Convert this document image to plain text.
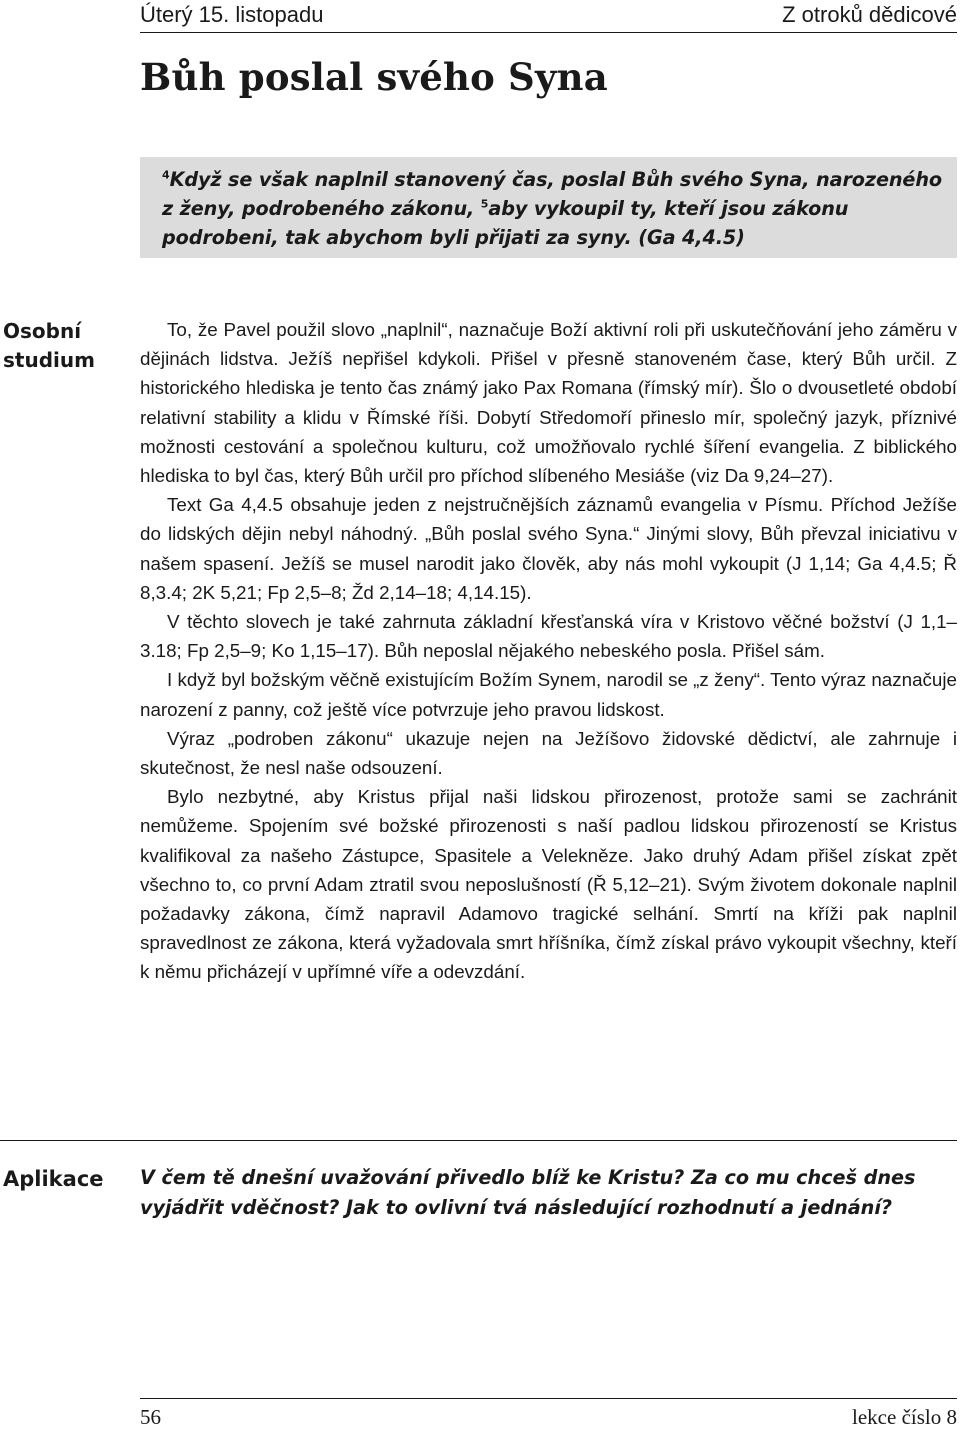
Úterý 15. listopadu	Z otroků dědicové
Bůh poslal svého Syna

$^4$Když se však naplnil stanovený čas, poslal Bůh svého Syna, narozeného z ženy, podrobeného zákonu, $^5$aby vykoupil ty, kteří jsou zákonu podrobeni, tak abychom byli přijati za syny. (Ga 4,4.5)

Osobní studium

To, že Pavel použil slovo „naplnil“, naznačuje Boží aktivní roli při uskutečňování jeho záměru v dějinách lidstva. Ježíš nepřišel kdykoli. Přišel v přesně stanoveném čase, který Bůh určil. Z historického hlediska je tento čas známý jako Pax Romana (římský mír). Šlo o dvousetleté období relativní stability a klidu v Římské říši. Dobytí Středomoří přineslo mír, společný jazyk, příznivé možnosti cestování a společnou kulturu, což umožňovalo rychlé šíření evangelia. Z biblického hlediska to byl čas, který Bůh určil pro příchod slíbeného Mesiáše (viz Da 9,24–27).

Text Ga 4,4.5 obsahuje jeden z nejstručnějších záznamů evangelia v Písmu. Příchod Ježíše do lidských dějin nebyl náhodný. „Bůh poslal svého Syna.“ Jinými slovy, Bůh převzal iniciativu v našem spasení. Ježíš se musel narodit jako člověk, aby nás mohl vykoupit (J 1,14; Ga 4,4.5; Ř 8,3.4; 2K 5,21; Fp 2,5–8; Žd 2,14–18; 4,14.15).

V těchto slovech je také zahrnuta základní křesťanská víra v Kristovo věčné božství (J 1,1–3.18; Fp 2,5–9; Ko 1,15–17). Bůh neposlal nějakého nebeského posla. Přišel sám.

I když byl božským věčně existujícím Božím Synem, narodil se „z ženy“. Tento výraz naznačuje narození z panny, což ještě více potvrzuje jeho pravou lidskost.

Výraz „podroben zákonu“ ukazuje nejen na Ježíšovo židovské dědictví, ale zahrnuje i skutečnost, že nesl naše odsouzení.

Bylo nezbytné, aby Kristus přijal naši lidskou přirozenost, protože sami se zachránit nemůžeme. Spojením své božské přirozenosti s naší padlou lidskou přirozeností se Kristus kvalifikoval za našeho Zástupce, Spasitele a Velekněze. Jako druhý Adam přišel získat zpět všechno to, co první Adam ztratil svou neposlušností (Ř 5,12–21). Svým životem dokonale naplnil požadavky zákona, čímž napravil Adamovo tragické selhání. Smrtí na kříži pak naplnil spravedlnost ze zákona, která vyžadovala smrt hříšníka, čímž získal právo vykoupit všechny, kteří k němu přicházejí v upřímné víře a odevzdání.

Aplikace V čem tě dnešní uvažování přivedlo blíž ke Kristu? Za co mu chceš dnes vyjádřit vděčnost? Jak to ovlivní tvá následující rozhodnutí a jednání?

56	lekce číslo 8
